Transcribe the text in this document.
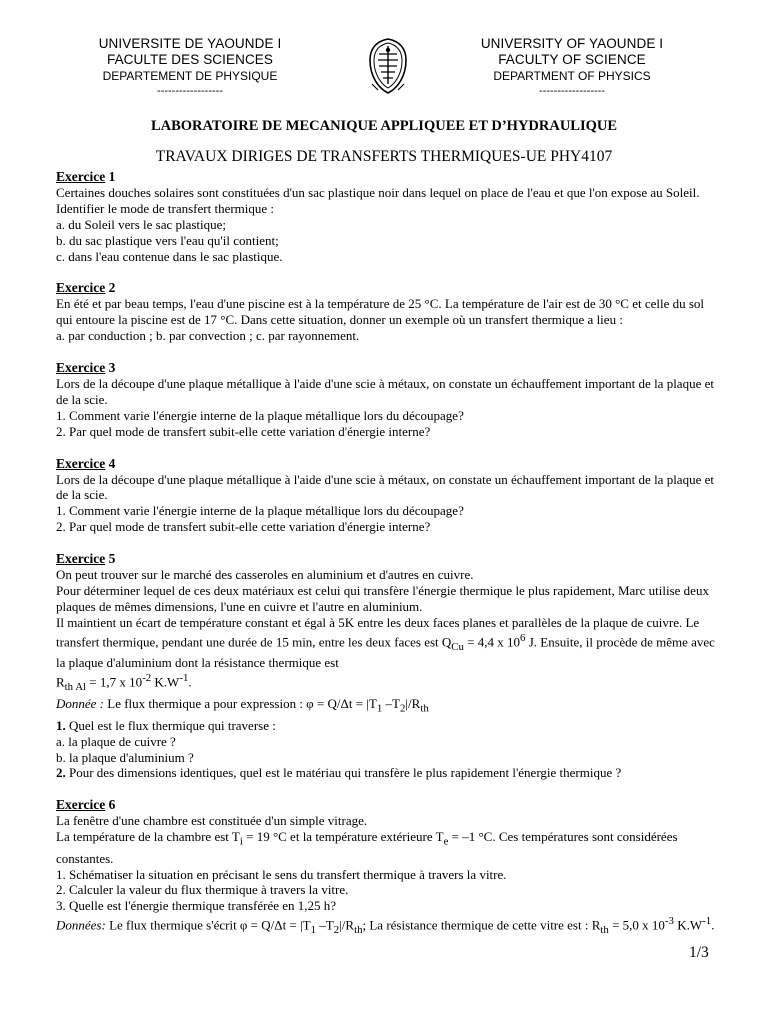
UNIVERSITE DE YAOUNDE I
FACULTE DES SCIENCES
DEPARTEMENT DE PHYSIQUE
------------------
UNIVERSITY OF YAOUNDE I
FACULTY OF SCIENCE
DEPARTMENT OF PHYSICS
------------------
LABORATOIRE DE MECANIQUE APPLIQUEE ET D’HYDRAULIQUE
TRAVAUX DIRIGES DE TRANSFERTS THERMIQUES-UE PHY4107
Exercice 1
Certaines douches solaires sont constituées d'un sac plastique noir dans lequel on place de l'eau et que l'on expose au Soleil.
Identifier le mode de transfert thermique :
a. du Soleil vers le sac plastique;
b. du sac plastique vers l'eau qu'il contient;
c. dans l'eau contenue dans le sac plastique.
Exercice 2
En été et par beau temps, l'eau d'une piscine est à la température de 25 °C. La température de l'air est de 30 °C et celle du sol qui entoure la piscine est de 17 °C. Dans cette situation, donner un exemple où un transfert thermique a lieu :
a. par conduction ; b. par convection ; c. par rayonnement.
Exercice 3
Lors de la découpe d'une plaque métallique à l'aide d'une scie à métaux, on constate un échauffement important de la plaque et de la scie.
1. Comment varie l'énergie interne de la plaque métallique lors du découpage?
2. Par quel mode de transfert subit-elle cette variation d'énergie interne?
Exercice 4
Lors de la découpe d'une plaque métallique à l'aide d'une scie à métaux, on constate un échauffement important de la plaque et de la scie.
1. Comment varie l'énergie interne de la plaque métallique lors du découpage?
2. Par quel mode de transfert subit-elle cette variation d'énergie interne?
Exercice 5
On peut trouver sur le marché des casseroles en aluminium et d'autres en cuivre.
Pour déterminer lequel de ces deux matériaux est celui qui transfère l'énergie thermique le plus rapidement, Marc utilise deux plaques de mêmes dimensions, l'une en cuivre et l'autre en aluminium.
Il maintient un écart de température constant et égal à 5K entre les deux faces planes et parallèles de la plaque de cuivre. Le transfert thermique, pendant une durée de 15 min, entre les deux faces est $Q_{Cu} = 4,4$ x $10^6$ J. Ensuite, il procède de même avec la plaque d'aluminium dont la résistance thermique est
$R_{th Al} = 1,7$ x $10^{-2}$ $K.W^{-1}$.
Donnée : Le flux thermique a pour expression : $\varphi = Q/\Delta t = |T_1$ $-T_2|/R_{th}$
1. Quel est le flux thermique qui traverse :
a. la plaque de cuivre ?
b. la plaque d'aluminium ?
2. Pour des dimensions identiques, quel est le matériau qui transfère le plus rapidement l'énergie thermique ?
Exercice 6
La fenêtre d'une chambre est constituée d'un simple vitrage.
La température de la chambre est $T_i = 19$ °C et la température extérieure $T_e = -1$ °C. Ces températures sont considérées constantes.
1. Schématiser la situation en précisant le sens du transfert thermique à travers la vitre.
2. Calculer la valeur du flux thermique à travers la vitre.
3. Quelle est l'énergie thermique transférée en 1,25 h?
Données: Le flux thermique s'écrit $\varphi = Q/\Delta t = |T_1$ $-T_2|/R_{th}$; La résistance thermique de cette vitre est : $R_{th} = 5,0$ x $10^{-3}$ $K.W^{-1}$.
1/3
